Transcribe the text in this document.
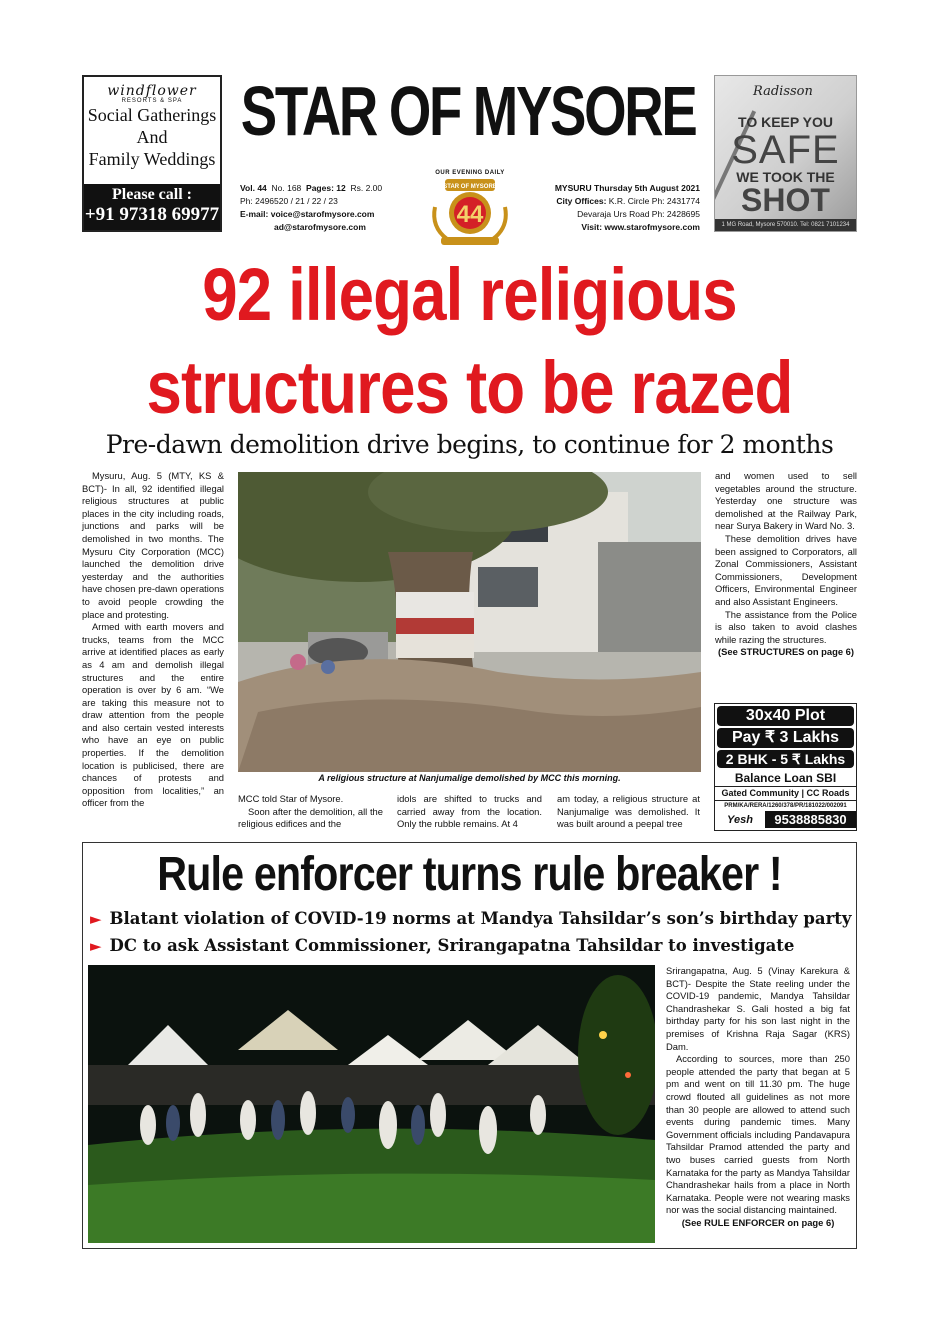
windflower
RESORTS & SPA
Social Gatherings
And
Family Weddings
Please call :
+91 97318 69977
Radisson
TO KEEP YOU
SAFE
WE TOOK THE
SHOT
1 MG Road, Mysore 570010. Tel: 0821 7101234
STAR OF MYSORE
OUR EVENING DAILY
STAR OF MYSORE
44
Vol. 44 No. 168 Pages: 12 Rs. 2.00
Ph: 2496520 / 21 / 22 / 23
E-mail: voice@starofmysore.com
ad@starofmysore.com
MYSURU Thursday 5th August 2021
City Offices: K.R. Circle Ph: 2431774
Devaraja Urs Road Ph: 2428695
Visit: www.starofmysore.com
92 illegal religious
structures to be razed
Pre-dawn demolition drive begins, to continue for 2 months

Mysuru, Aug. 5 (MTY, KS & BCT)- In all, 92 identified illegal religious structures at public places in the city including roads, junctions and parks will be demolished in two months. The Mysuru City Corporation (MCC) launched the demolition drive yesterday and the authorities have chosen pre-dawn operations to avoid people crowding the place and protesting.

Armed with earth movers and trucks, teams from the MCC arrive at identified places as early as 4 am and demolish illegal structures and the entire operation is over by 6 am. “We are taking this measure not to draw attention from the people and also certain vested interests who have an eye on public properties. If the demolition location is publicised, there are chances of protests and opposition from localities,” an officer from the

A religious structure at Nanjumalige demolished by MCC this morning.

MCC told Star of Mysore.

Soon after the demolition, all the religious edifices and the

idols are shifted to trucks and carried away from the location. Only the rubble remains. At 4

am today, a religious structure at Nanjumalige was demolished. It was built around a peepal tree

and women used to sell vegetables around the structure. Yesterday one structure was demolished at the Railway Park, near Surya Bakery in Ward No. 3.

These demolition drives have been assigned to Corporators, all Zonal Commissioners, Assistant Commissioners, Development Officers, Environmental Engineer and also Assistant Engineers.

The assistance from the Police is also taken to avoid clashes while razing the structures.

(See STRUCTURES on page 6)

30x40 Plot
Pay ₹ 3 Lakhs
2 BHK - 5 ₹ Lakhs
Balance Loan SBI
Gated Community | CC Roads
PRM/KA/RERA/1260/378/PR/181022/002091
Yesh	9538885830
Rule enforcer turns rule breaker !
► Blatant violation of COVID-19 norms at Mandya Tahsildar’s son’s birthday party
► DC to ask Assistant Commissioner, Srirangapatna Tahsildar to investigate

Srirangapatna, Aug. 5 (Vinay Karekura & BCT)- Despite the State reeling under the COVID-19 pandemic, Mandya Tahsildar Chandrashekar S. Gali hosted a big fat birthday party for his son last night in the premises of Krishna Raja Sagar (KRS) Dam.

According to sources, more than 250 people attended the party that began at 5 pm and went on till 11.30 pm. The huge crowd flouted all guidelines as not more than 30 people are allowed to attend such events during pandemic times. Many Government officials including Pandavapura Tahsildar Pramod attended the party and two buses carried guests from North Karnataka for the party as Mandya Tahsildar Chandrashekar hails from a place in North Karnataka. People were not wearing masks nor was the social distancing maintained.

(See RULE ENFORCER on page 6)
